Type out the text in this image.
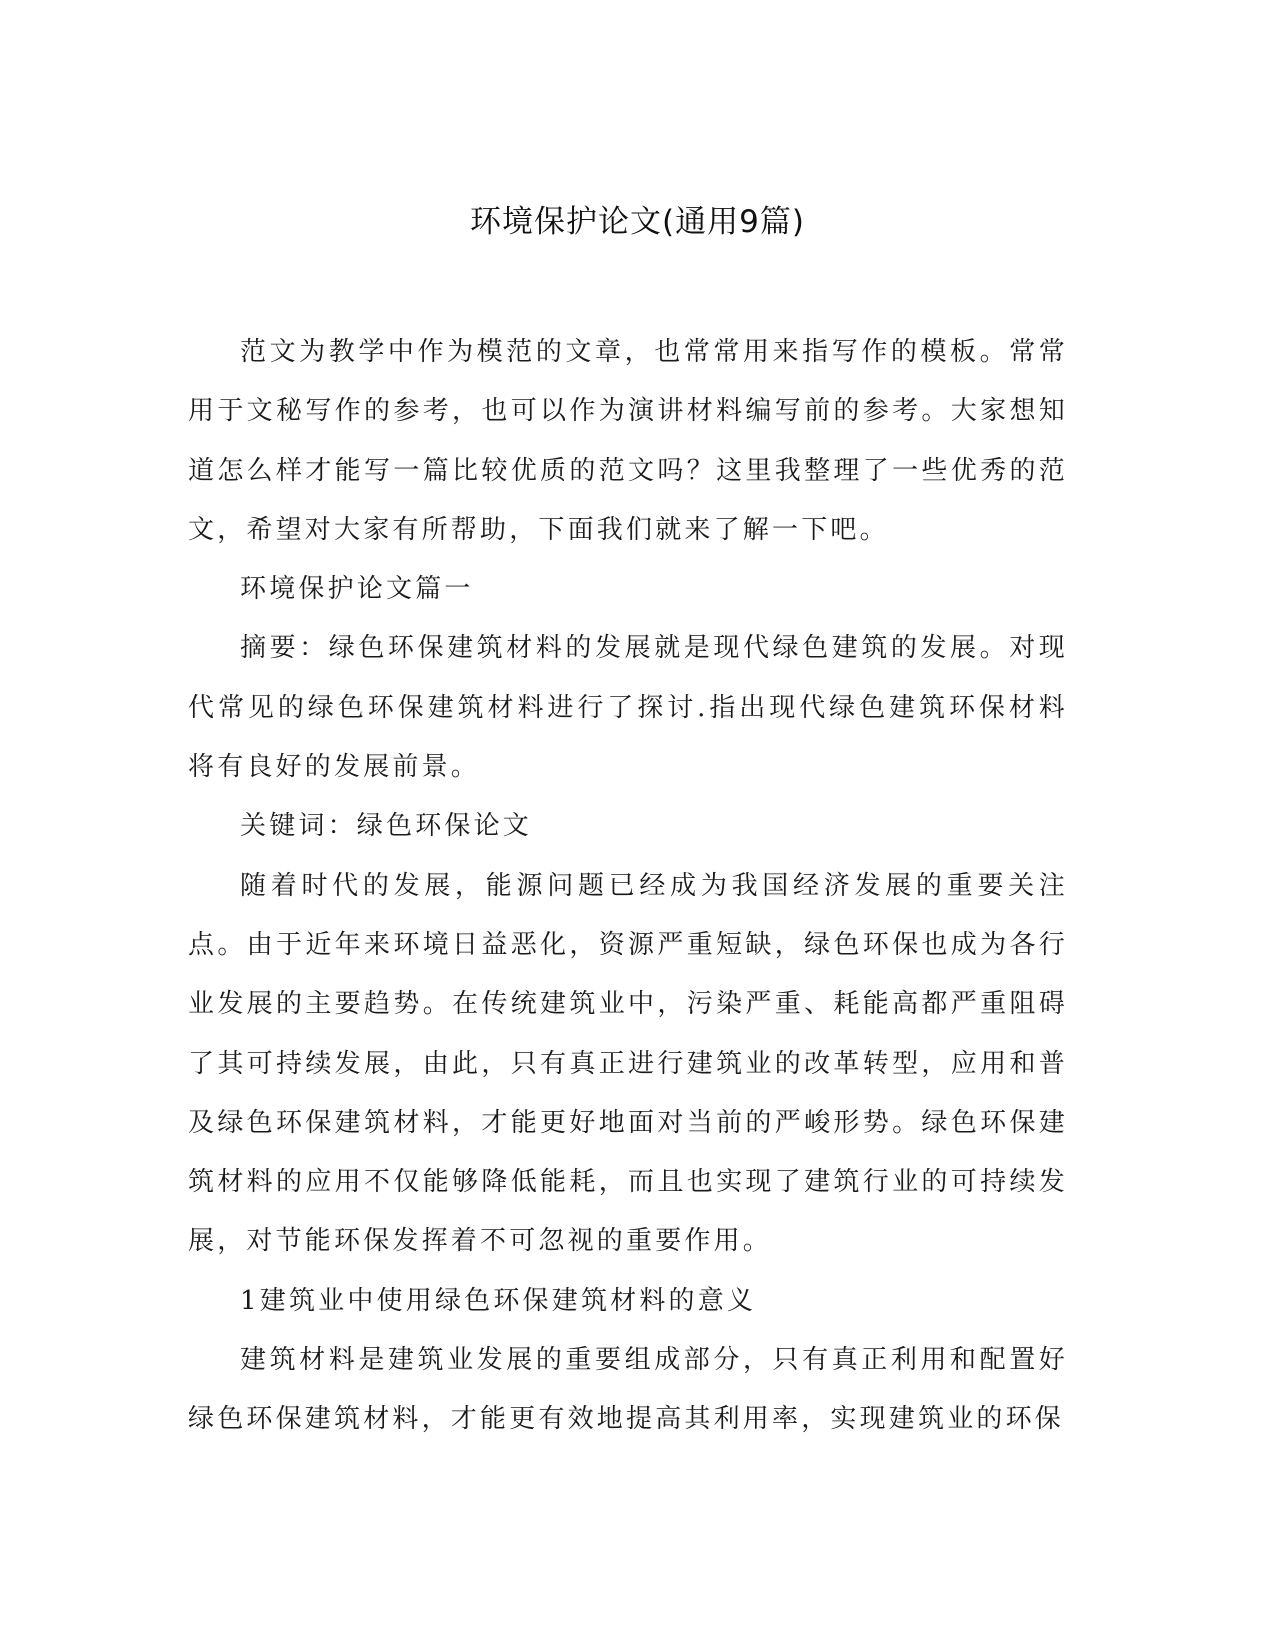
环境保护论文(通用9篇)

范文为教学中作为模范的文章，也常常用来指写作的模板。常常用于文秘写作的参考，也可以作为演讲材料编写前的参考。大家想知道怎么样才能写一篇比较优质的范文吗？这里我整理了一些优秀的范文，希望对大家有所帮助，下面我们就来了解一下吧。

环境保护论文篇一

摘要：绿色环保建筑材料的发展就是现代绿色建筑的发展。对现代常见的绿色环保建筑材料进行了探讨.指出现代绿色建筑环保材料将有良好的发展前景。

关键词：绿色环保论文

随着时代的发展，能源问题已经成为我国经济发展的重要关注点。由于近年来环境日益恶化，资源严重短缺，绿色环保也成为各行业发展的主要趋势。在传统建筑业中，污染严重、耗能高都严重阻碍了其可持续发展，由此，只有真正进行建筑业的改革转型，应用和普及绿色环保建筑材料，才能更好地面对当前的严峻形势。绿色环保建筑材料的应用不仅能够降低能耗，而且也实现了建筑行业的可持续发展，对节能环保发挥着不可忽视的重要作用。

1建筑业中使用绿色环保建筑材料的意义

建筑材料是建筑业发展的重要组成部分，只有真正利用和配置好绿色环保建筑材料，才能更有效地提高其利用率，实现建筑业的环保
